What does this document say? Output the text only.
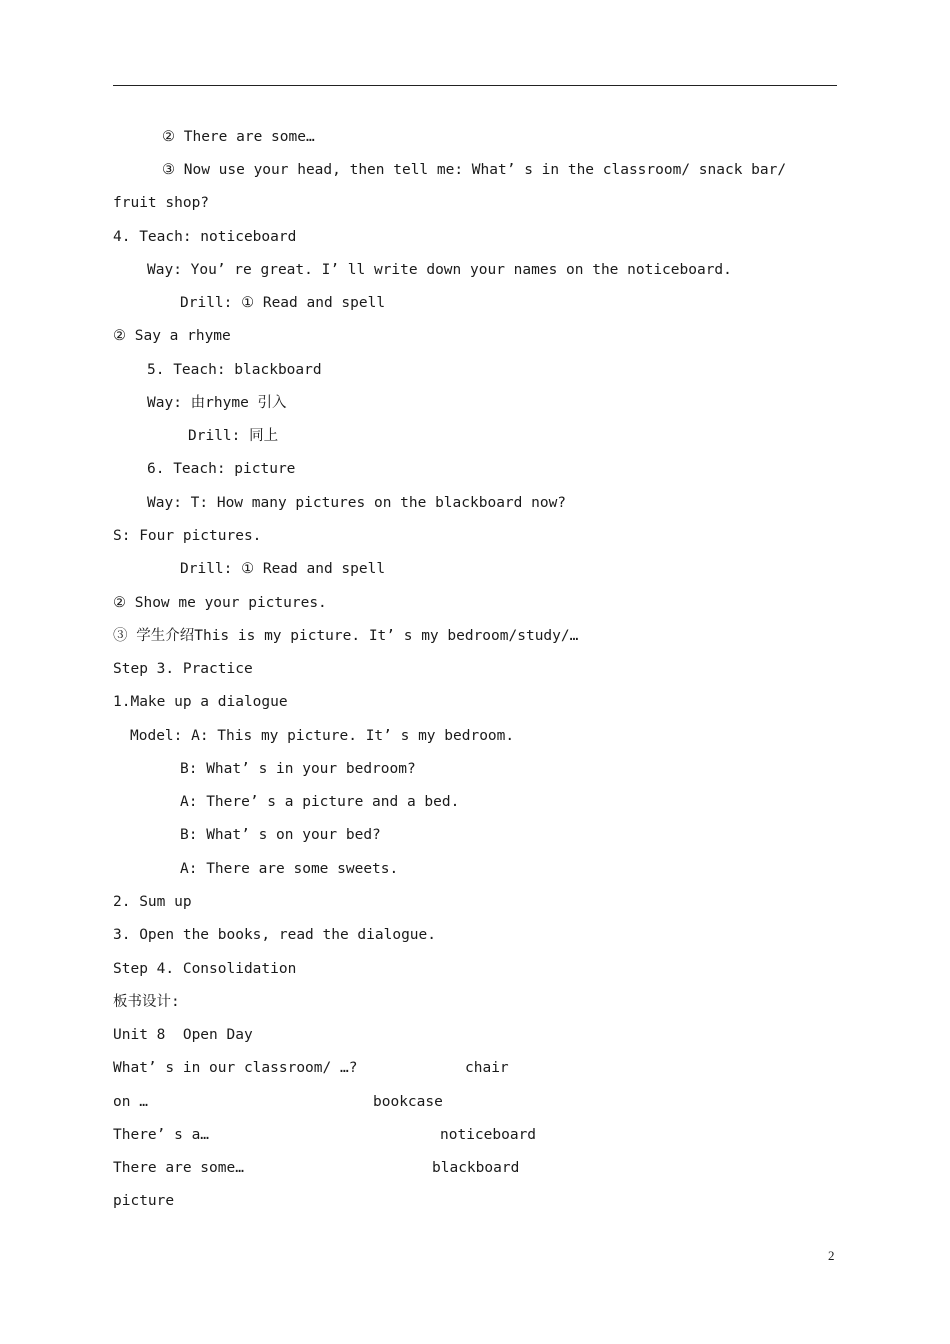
② There are some…
③ Now use your head, then tell me: What’ s in the classroom/ snack bar/
fruit shop?
4. Teach: noticeboard
Way: You’ re great. I’ ll write down your names on the noticeboard.
Drill: ① Read and spell
② Say a rhyme
5. Teach: blackboard
Way: 由rhyme 引入
Drill: 同上
6. Teach: picture
Way: T: How many pictures on the blackboard now?
S: Four pictures.
Drill: ① Read and spell
② Show me your pictures.
③ 学生介绍This is my picture. It’ s my bedroom/study/…
Step 3. Practice
1.Make up a dialogue
Model: A: This my picture. It’ s my bedroom.
B: What’ s in your bedroom?
A: There’ s a picture and a bed.
B: What’ s on your bed?
A: There are some sweets.
2. Sum up
3. Open the books, read the dialogue.
Step 4. Consolidation
板书设计:
Unit 8  Open Day
What’ s in our classroom/ …?	chair
on …	bookcase
There’ s a…	noticeboard
There are some…	blackboard
picture
2
